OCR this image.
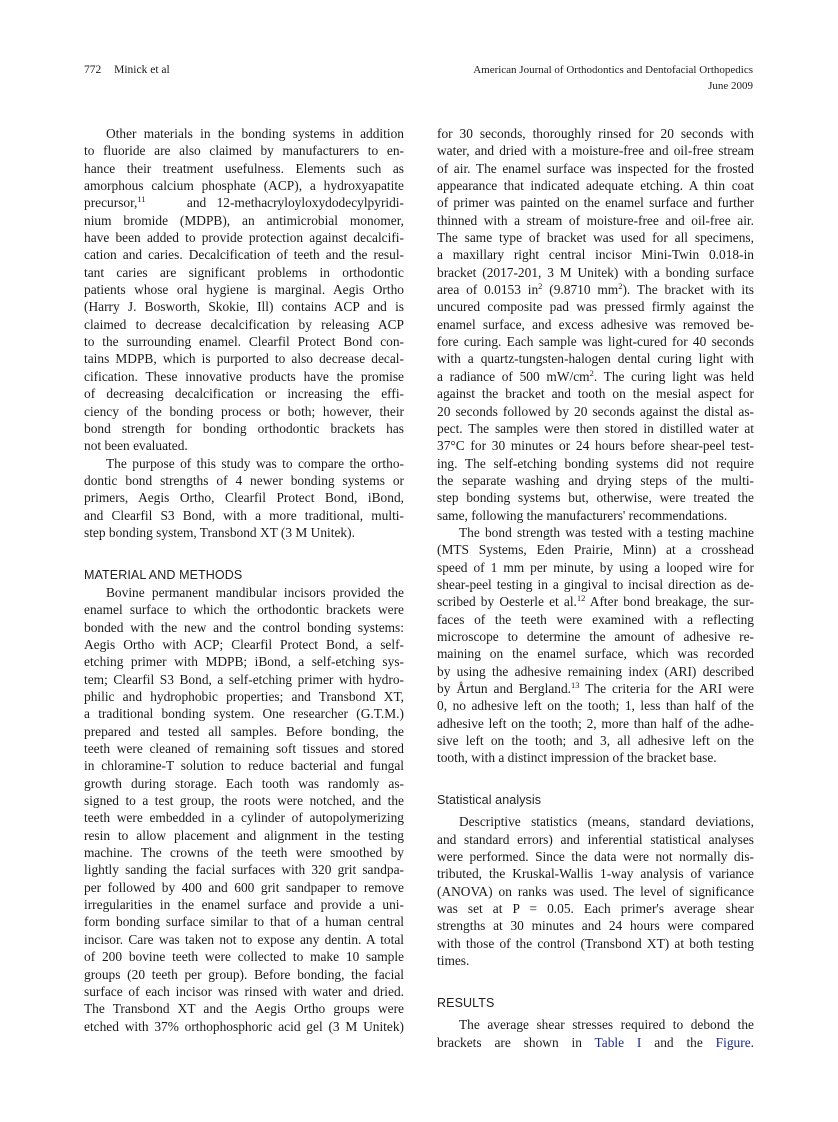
772 Minick et al	American Journal of Orthodontics and Dentofacial Orthopedics
June 2009
Other materials in the bonding systems in addition
to fluoride are also claimed by manufacturers to en-
hance their treatment usefulness. Elements such as
amorphous calcium phosphate (ACP), a hydroxyapatite
precursor,$^{11}$	and 12-methacryloyloxydodecylpyridi-
nium bromide (MDPB), an antimicrobial monomer,
have been added to provide protection against decalcifi-
cation and caries. Decalcification of teeth and the resul-
tant caries are significant problems in orthodontic
patients whose oral hygiene is marginal. Aegis Ortho
(Harry J. Bosworth, Skokie, Ill) contains ACP and is
claimed to decrease decalcification by releasing ACP
to the surrounding enamel. Clearfil Protect Bond con-
tains MDPB, which is purported to also decrease decal-
cification. These innovative products have the promise
of decreasing decalcification or increasing the effi-
ciency of the bonding process or both; however, their
bond strength for bonding orthodontic brackets has
not been evaluated.
The purpose of this study was to compare the ortho-
dontic bond strengths of 4 newer bonding systems or
primers, Aegis Ortho, Clearfil Protect Bond, iBond,
and Clearfil S3 Bond, with a more traditional, multi-
step bonding system, Transbond XT (3 M Unitek).
MATERIAL AND METHODS
Bovine permanent mandibular incisors provided the
enamel surface to which the orthodontic brackets were
bonded with the new and the control bonding systems:
Aegis Ortho with ACP; Clearfil Protect Bond, a self-
etching primer with MDPB; iBond, a self-etching sys-
tem; Clearfil S3 Bond, a self-etching primer with hydro-
philic and hydrophobic properties; and Transbond XT,
a traditional bonding system. One researcher (G.T.M.)
prepared and tested all samples. Before bonding, the
teeth were cleaned of remaining soft tissues and stored
in chloramine-T solution to reduce bacterial and fungal
growth during storage. Each tooth was randomly as-
signed to a test group, the roots were notched, and the
teeth were embedded in a cylinder of autopolymerizing
resin to allow placement and alignment in the testing
machine. The crowns of the teeth were smoothed by
lightly sanding the facial surfaces with 320 grit sandpa-
per followed by 400 and 600 grit sandpaper to remove
irregularities in the enamel surface and provide a uni-
form bonding surface similar to that of a human central
incisor. Care was taken not to expose any dentin. A total
of 200 bovine teeth were collected to make 10 sample
groups (20 teeth per group). Before bonding, the facial
surface of each incisor was rinsed with water and dried.
The Transbond XT and the Aegis Ortho groups were
etched with 37% orthophosphoric acid gel (3 M Unitek)
for 30 seconds, thoroughly rinsed for 20 seconds with
water, and dried with a moisture-free and oil-free stream
of air. The enamel surface was inspected for the frosted
appearance that indicated adequate etching. A thin coat
of primer was painted on the enamel surface and further
thinned with a stream of moisture-free and oil-free air.
The same type of bracket was used for all specimens,
a maxillary right central incisor Mini-Twin 0.018-in
bracket (2017-201, 3 M Unitek) with a bonding surface
area of 0.0153 $in^2$ (9.8710 $mm^2$). The bracket with its
uncured composite pad was pressed firmly against the
enamel surface, and excess adhesive was removed be-
fore curing. Each sample was light-cured for 40 seconds
with a quartz-tungsten-halogen dental curing light with
a radiance of 500 $mW/cm^2$. The curing light was held
against the bracket and tooth on the mesial aspect for
20 seconds followed by 20 seconds against the distal as-
pect. The samples were then stored in distilled water at
37°C for 30 minutes or 24 hours before shear-peel test-
ing. The self-etching bonding systems did not require
the separate washing and drying steps of the multi-
step bonding systems but, otherwise, were treated the
same, following the manufacturers' recommendations.
The bond strength was tested with a testing machine
(MTS Systems, Eden Prairie, Minn) at a crosshead
speed of 1 mm per minute, by using a looped wire for
shear-peel testing in a gingival to incisal direction as de-
scribed by Oesterle et al.$^{12}$ After bond breakage, the sur-
faces of the teeth were examined with a reflecting
microscope to determine the amount of adhesive re-
maining on the enamel surface, which was recorded
by using the adhesive remaining index (ARI) described
by Årtun and Bergland.$^{13}$ The criteria for the ARI were
0, no adhesive left on the tooth; 1, less than half of the
adhesive left on the tooth; 2, more than half of the adhe-
sive left on the tooth; and 3, all adhesive left on the
tooth, with a distinct impression of the bracket base.
Statistical analysis
Descriptive statistics (means, standard deviations,
and standard errors) and inferential statistical analyses
were performed. Since the data were not normally dis-
tributed, the Kruskal-Wallis 1-way analysis of variance
(ANOVA) on ranks was used. The level of significance
was set at P = 0.05. Each primer's average shear
strengths at 30 minutes and 24 hours were compared
with those of the control (Transbond XT) at both testing
times.
RESULTS
The average shear stresses required to debond the
brackets are shown in Table I and the Figure.
